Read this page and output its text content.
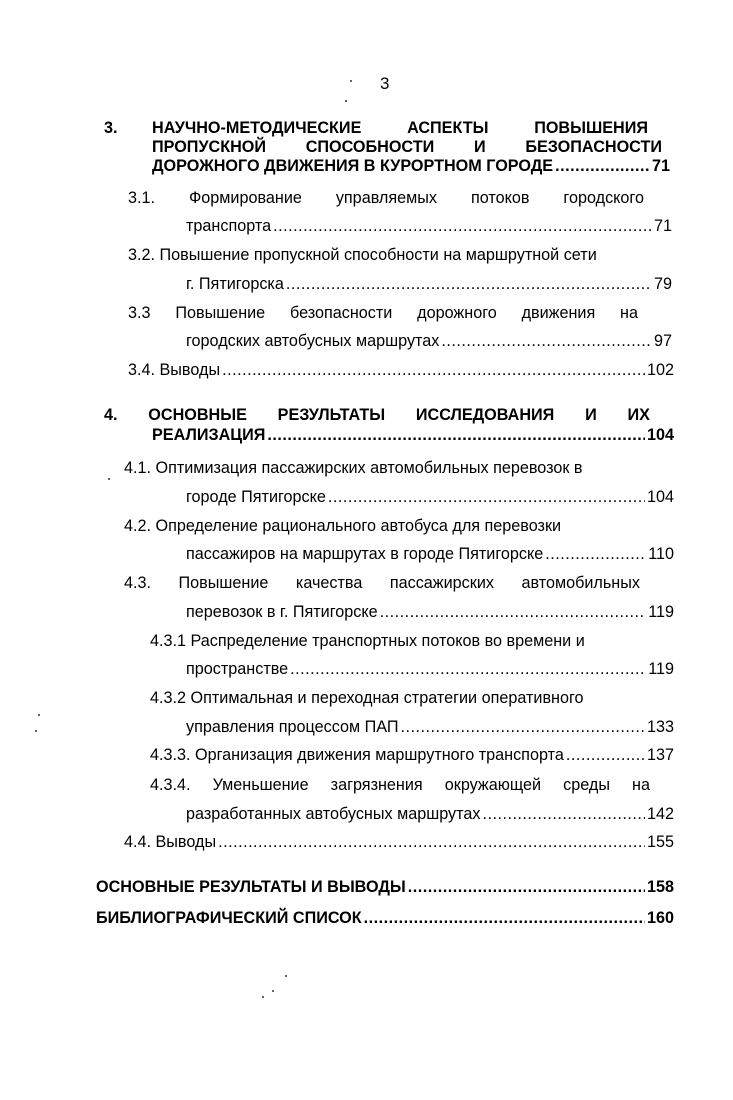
3
3. НАУЧНО-МЕТОДИЧЕСКИЕ	АСПЕКТЫ	ПОВЫШЕНИЯ
ПРОПУСКНОЙ СПОСОБНОСТИ И БЕЗОПАСНОСТИ
ДОРОЖНОГО ДВИЖЕНИЯ В КУРОРТНОМ ГОРОДЕ .....	71
3.1. Формирование управляемых потоков городского
транспорта .....	71
3.2. Повышение пропускной способности на маршрутной сети
г. Пятигорска .....	79
3.3 Повышение безопасности дорожного движения на
городских автобусных маршрутах .....	97
3.4. Выводы .....	102
4. ОСНОВНЫЕ РЕЗУЛЬТАТЫ ИССЛЕДОВАНИЯ И ИХ
РЕАЛИЗАЦИЯ .....	104
4.1. Оптимизация пассажирских автомобильных перевозок в
городе Пятигорске .....	104
4.2. Определение рационального автобуса для перевозки
пассажиров на маршрутах в городе Пятигорске .....	110
4.3. Повышение качества пассажирских автомобильных
перевозок в г. Пятигорске .....	119
4.3.1 Распределение транспортных потоков во времени и
пространстве .....	119
4.3.2 Оптимальная и переходная стратегии оперативного
управления процессом ПАП .....	133
4.3.3. Организация движения маршрутного транспорта .....	137
4.3.4. Уменьшение загрязнения окружающей среды на
разработанных автобусных маршрутах .....	142
4.4. Выводы .....	155
ОСНОВНЫЕ РЕЗУЛЬТАТЫ И ВЫВОДЫ .....	158
БИБЛИОГРАФИЧЕСКИЙ СПИСОК .....	160
